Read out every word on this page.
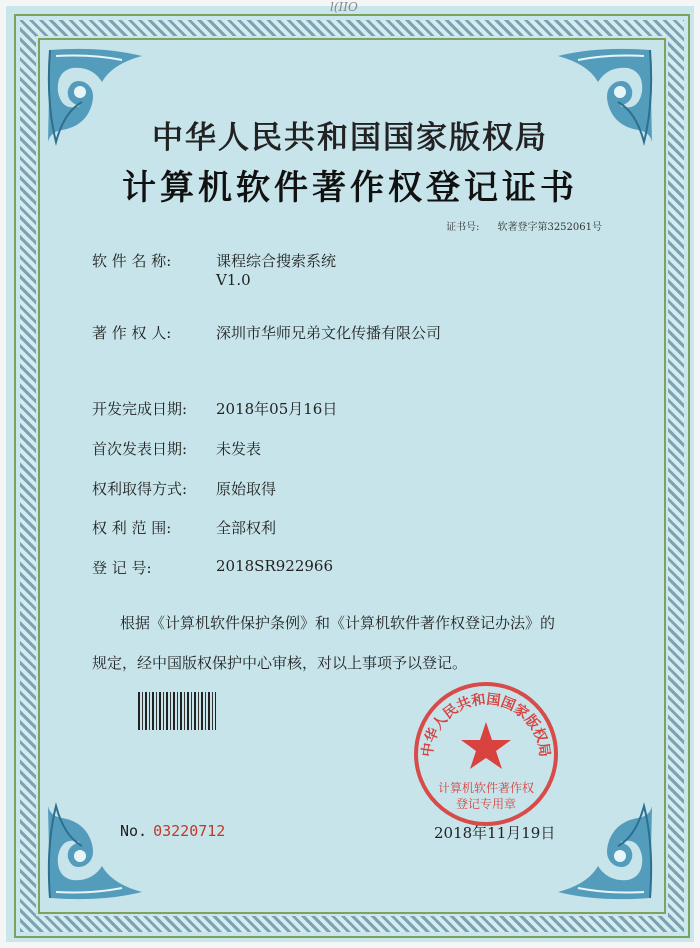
l(IIO
中华人民共和国国家版权局
计算机软件著作权登记证书
证书号: 软著登字第3252061号
软 件 名 称:	课程综合搜索系统
V1.0
著 作 权 人:	深圳市华师兄弟文化传播有限公司
开发完成日期: 2018年05月16日
首次发表日期: 未发表
权利取得方式: 原始取得
权 利 范 围:	全部权利
登 记 号:	2018SR922966
根据《计算机软件保护条例》和《计算机软件著作权登记办法》的
规定，经中国版权保护中心审核，对以上事项予以登记。
No. 03220712
中华人民共和国国家版权局
计算机软件著作权
登记专用章
2018年11月19日
